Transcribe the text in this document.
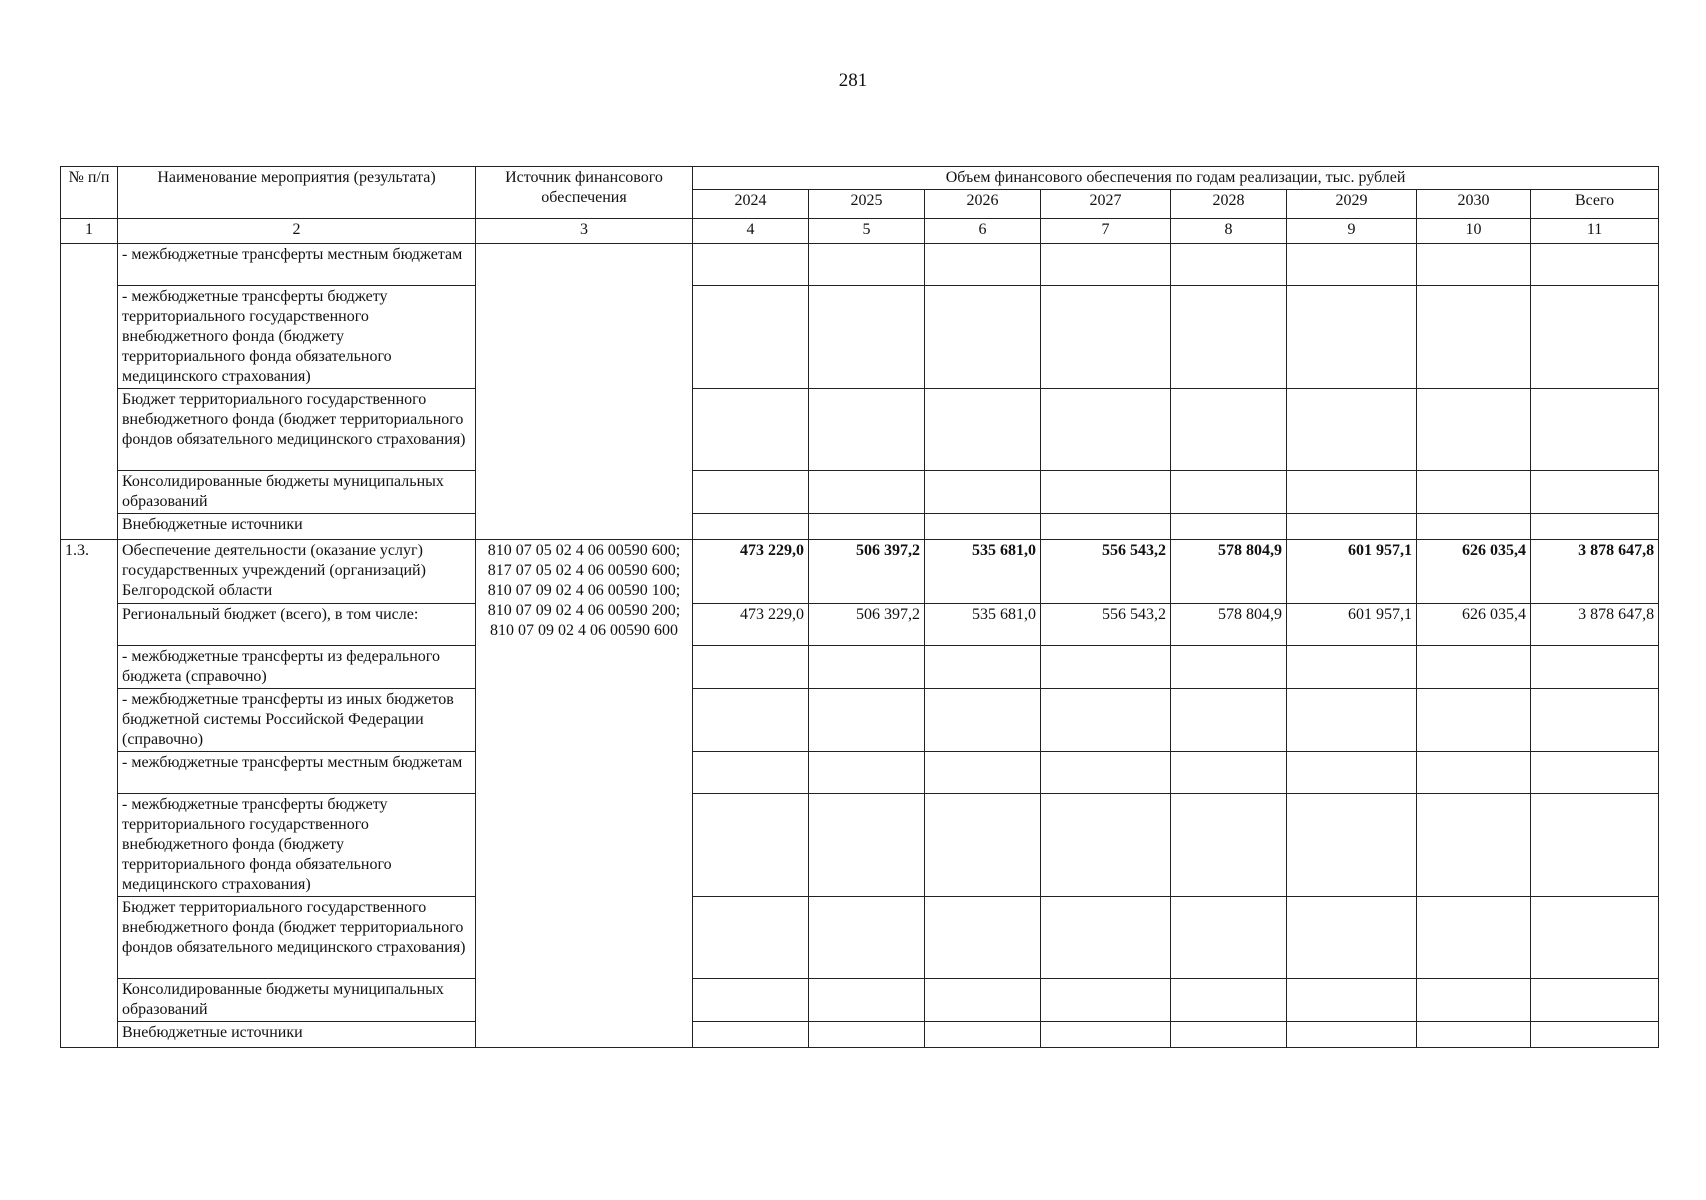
281
№ п/п	Наименование мероприятия (результата)	Источник финансового обеспечения	Объем финансового обеспечения по годам реализации, тыс. рублей							
			2024	2025	2026	2027	2028	2029	2030	Всего
1	2	3	4	5	6	7	8	9	10	11
	- межбюджетные трансферты местным бюджетам									
	- межбюджетные трансферты бюджету территориального государственного внебюджетного фонда (бюджету территориального фонда обязательного медицинского страхования)									
	Бюджет территориального государственного внебюджетного фонда (бюджет территориального фондов обязательного медицинского страхования)									
	Консолидированные бюджеты муниципальных образований									
	Внебюджетные источники									
1.3.	Обеспечение деятельности (оказание услуг) государственных учреждений (организаций) Белгородской области	810 07 05 02 4 06 00590 600; 817 07 05 02 4 06 00590 600; 810 07 09 02 4 06 00590 100; 810 07 09 02 4 06 00590 200; 810 07 09 02 4 06 00590 600	473 229,0	506 397,2	535 681,0	556 543,2	578 804,9	601 957,1	626 035,4	3 878 647,8
	Региональный бюджет (всего), в том числе:		473 229,0	506 397,2	535 681,0	556 543,2	578 804,9	601 957,1	626 035,4	3 878 647,8
	- межбюджетные трансферты из федерального бюджета (справочно)									
	- межбюджетные трансферты из иных бюджетов бюджетной системы Российской Федерации (справочно)									
	- межбюджетные трансферты местным бюджетам									
	- межбюджетные трансферты бюджету территориального государственного внебюджетного фонда (бюджету территориального фонда обязательного медицинского страхования)									
	Бюджет территориального государственного внебюджетного фонда (бюджет территориального фондов обязательного медицинского страхования)									
	Консолидированные бюджеты муниципальных образований									
	Внебюджетные источники									
